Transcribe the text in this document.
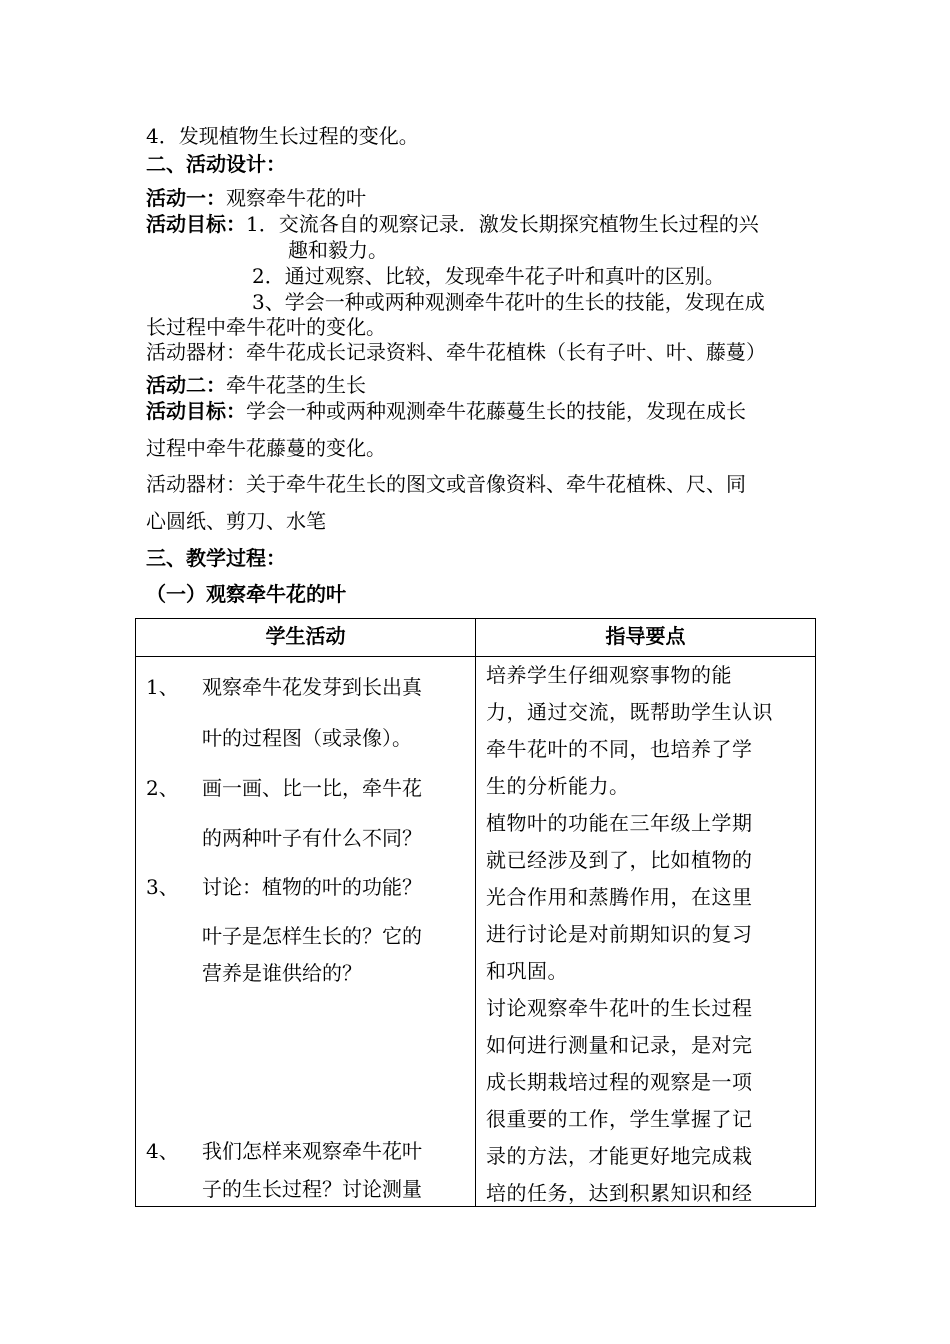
4．发现植物生长过程的变化。
二、活动设计：
活动一：观察牵牛花的叶
活动目标：1．交流各自的观察记录．激发长期探究植物生长过程的兴
趣和毅力。
2．通过观察、比较，发现牵牛花子叶和真叶的区别。
3、学会一种或两种观测牵牛花叶的生长的技能，发现在成
长过程中牵牛花叶的变化。
活动器材：牵牛花成长记录资料、牵牛花植株（长有子叶、叶、藤蔓）
活动二：牵牛花茎的生长
活动目标：学会一种或两种观测牵牛花藤蔓生长的技能，发现在成长
过程中牵牛花藤蔓的变化。
活动器材：关于牵牛花生长的图文或音像资料、牵牛花植株、尺、同
心圆纸、剪刀、水笔
三、教学过程：
（一）观察牵牛花的叶
学生活动	指导要点
1、 观察牵牛花发芽到长出真
叶的过程图（或录像）。
2、 画一画、比一比，牵牛花
的两种叶子有什么不同？
3、 讨论：植物的叶的功能？
叶子是怎样生长的？它的
营养是谁供给的？
4、 我们怎样来观察牵牛花叶
子的生长过程？讨论测量
培养学生仔细观察事物的能
力，通过交流，既帮助学生认识
牵牛花叶的不同，也培养了学
生的分析能力。
植物叶的功能在三年级上学期
就已经涉及到了，比如植物的
光合作用和蒸腾作用，在这里
进行讨论是对前期知识的复习
和巩固。
讨论观察牵牛花叶的生长过程
如何进行测量和记录，是对完
成长期栽培过程的观察是一项
很重要的工作，学生掌握了记
录的方法，才能更好地完成栽
培的任务，达到积累知识和经
